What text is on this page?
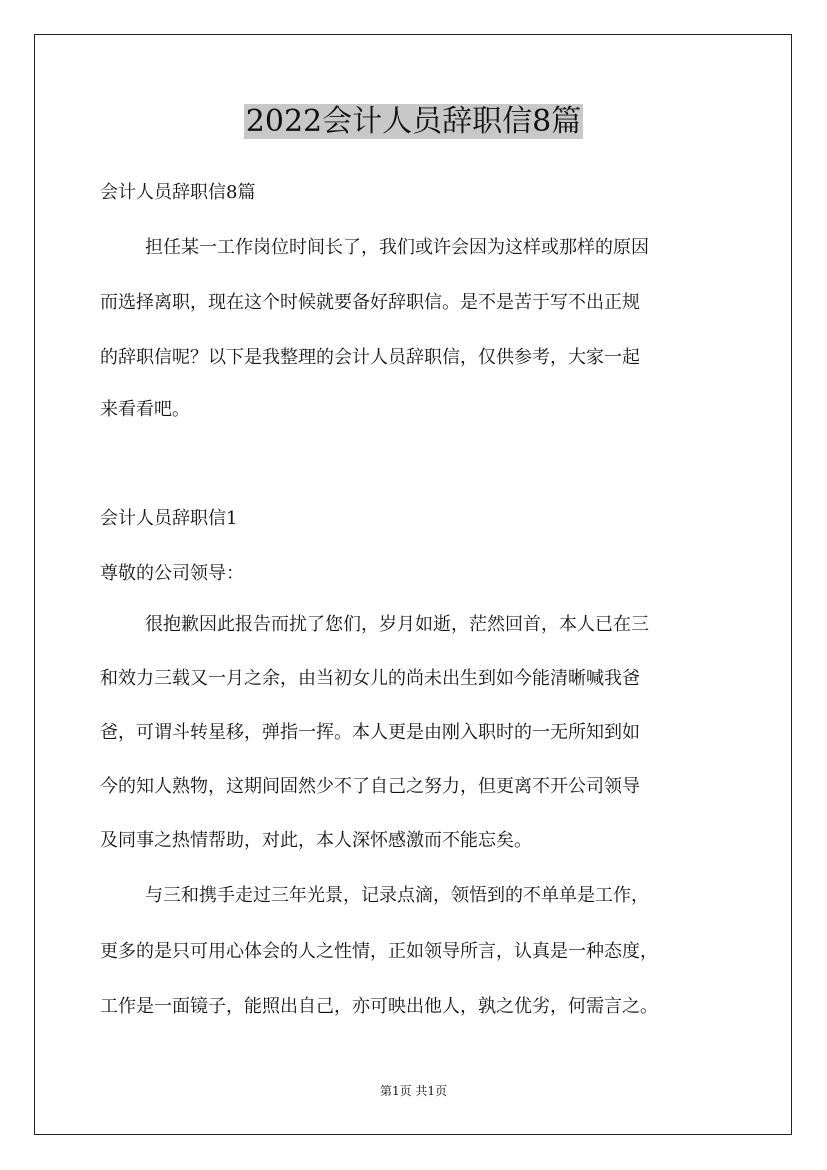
2022会计人员辞职信8篇

会计人员辞职信8篇

担任某一工作岗位时间长了，我们或许会因为这样或那样的原因

而选择离职，现在这个时候就要备好辞职信。是不是苦于写不出正规

的辞职信呢？以下是我整理的会计人员辞职信，仅供参考，大家一起

来看看吧。

会计人员辞职信1

尊敬的公司领导：

很抱歉因此报告而扰了您们，岁月如逝，茫然回首，本人已在三

和效力三载又一月之余，由当初女儿的尚未出生到如今能清晰喊我爸

爸，可谓斗转星移，弹指一挥。本人更是由刚入职时的一无所知到如

今的知人熟物，这期间固然少不了自己之努力，但更离不开公司领导

及同事之热情帮助，对此，本人深怀感激而不能忘矣。

与三和携手走过三年光景，记录点滴，领悟到的不单单是工作，

更多的是只可用心体会的人之性情，正如领导所言，认真是一种态度，

工作是一面镜子，能照出自己，亦可映出他人，孰之优劣，何需言之。

第1页 共1页
